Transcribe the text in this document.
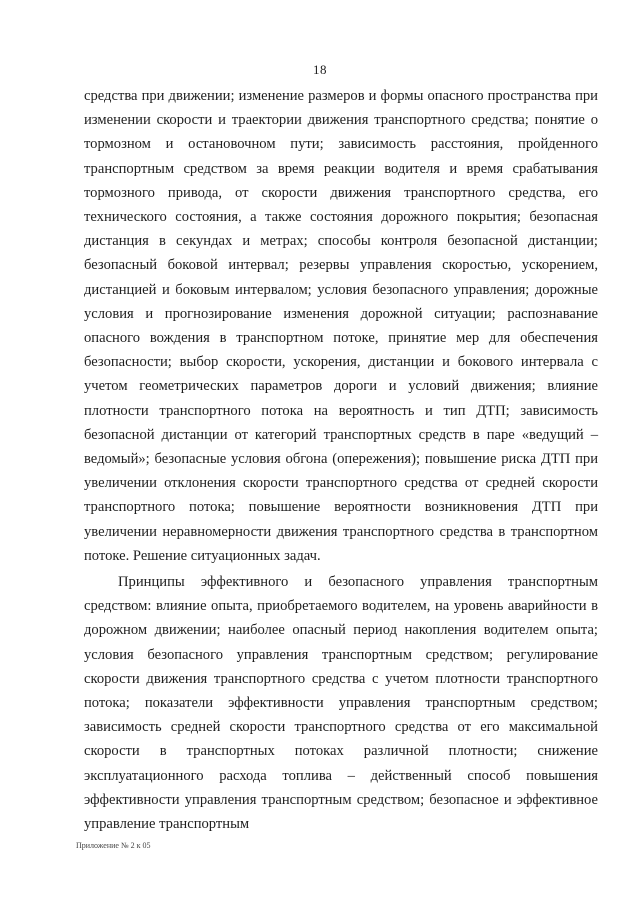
18

средства при движении; изменение размеров и формы опасного пространства при изменении скорости и траектории движения транспортного средства; понятие о тормозном и остановочном пути; зависимость расстояния, пройденного транспортным средством за время реакции водителя и время срабатывания тормозного привода, от скорости движения транспортного средства, его технического состояния, а также состояния дорожного покрытия; безопасная дистанция в секундах и метрах; способы контроля безопасной дистанции; безопасный боковой интервал; резервы управления скоростью, ускорением, дистанцией и боковым интервалом; условия безопасного управления; дорожные условия и прогнозирование изменения дорожной ситуации; распознавание опасного вождения в транспортном потоке, принятие мер для обеспечения безопасности; выбор скорости, ускорения, дистанции и бокового интервала с учетом геометрических параметров дороги и условий движения; влияние плотности транспортного потока на вероятность и тип ДТП; зависимость безопасной дистанции от категорий транспортных средств в паре «ведущий – ведомый»; безопасные условия обгона (опережения); повышение риска ДТП при увеличении отклонения скорости транспортного средства от средней скорости транспортного потока; повышение вероятности возникновения ДТП при увеличении неравномерности движения транспортного средства в транспортном потоке. Решение ситуационных задач.

Принципы эффективного и безопасного управления транспортным средством: влияние опыта, приобретаемого водителем, на уровень аварийности в дорожном движении; наиболее опасный период накопления водителем опыта; условия безопасного управления транспортным средством; регулирование скорости движения транспортного средства с учетом плотности транспортного потока; показатели эффективности управления транспортным средством; зависимость средней скорости транспортного средства от его максимальной скорости в транспортных потоках различной плотности; снижение эксплуатационного расхода топлива – действенный способ повышения эффективности управления транспортным средством; безопасное и эффективное управление транспортным

Приложение № 2 к 05
